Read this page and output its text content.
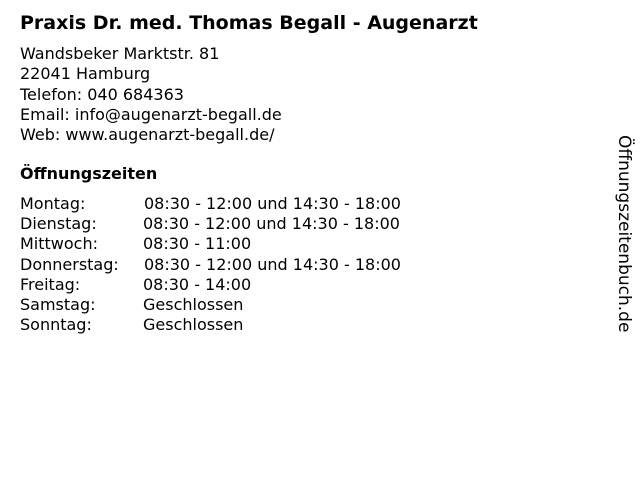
Praxis Dr. med. Thomas Begall - Augenarzt
Wandsbeker Marktstr. 81
22041 Hamburg
Telefon: 040 684363
Email: info@augenarzt-begall.de
Web: www.augenarzt-begall.de/
Öffnungszeiten
Montag:	08:30 - 12:00 und 14:30 - 18:00
Dienstag:	08:30 - 12:00 und 14:30 - 18:00
Mittwoch:	08:30 - 11:00
Donnerstag:	08:30 - 12:00 und 14:30 - 18:00
Freitag:	08:30 - 14:00
Samstag:	Geschlossen
Sonntag:	Geschlossen	Öffnungszeitenbuch.de
